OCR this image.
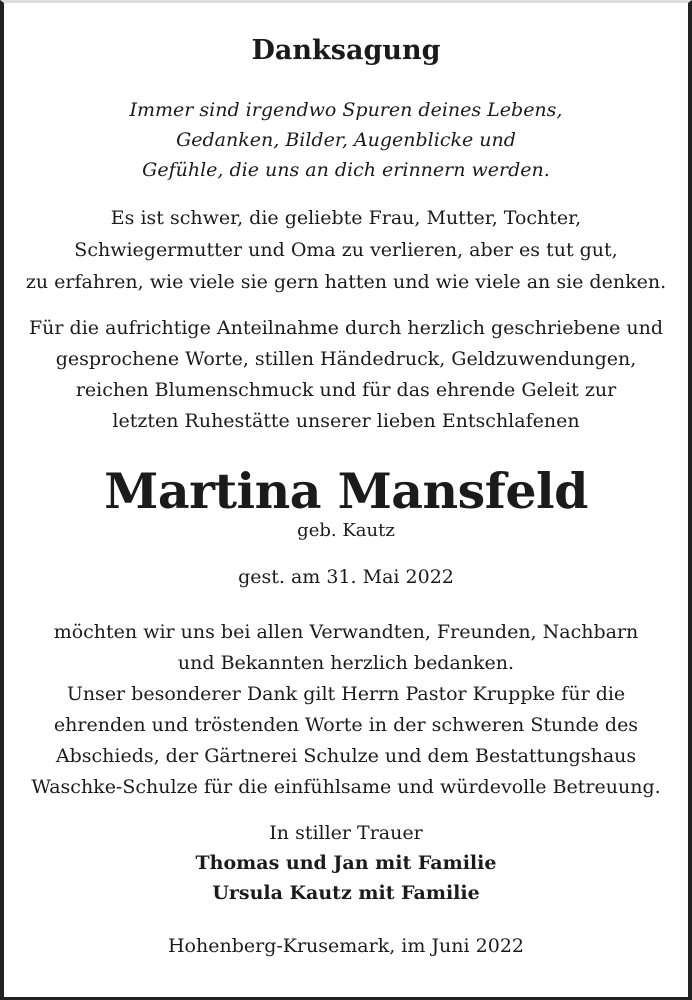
Danksagung
Immer sind irgendwo Spuren deines Lebens,
Gedanken, Bilder, Augenblicke und
Gefühle, die uns an dich erinnern werden.
Es ist schwer, die geliebte Frau, Mutter, Tochter,
Schwiegermutter und Oma zu verlieren, aber es tut gut,
zu erfahren, wie viele sie gern hatten und wie viele an sie denken.
Für die aufrichtige Anteilnahme durch herzlich geschriebene und
gesprochene Worte, stillen Händedruck, Geldzuwendungen,
reichen Blumenschmuck und für das ehrende Geleit zur
letzten Ruhestätte unserer lieben Entschlafenen
Martina Mansfeld
geb. Kautz
gest. am 31. Mai 2022
möchten wir uns bei allen Verwandten, Freunden, Nachbarn
und Bekannten herzlich bedanken.
Unser besonderer Dank gilt Herrn Pastor Kruppke für die
ehrenden und tröstenden Worte in der schweren Stunde des
Abschieds, der Gärtnerei Schulze und dem Bestattungshaus
Waschke-Schulze für die einfühlsame und würdevolle Betreuung.
In stiller Trauer
Thomas und Jan mit Familie
Ursula Kautz mit Familie
Hohenberg-Krusemark, im Juni 2022
